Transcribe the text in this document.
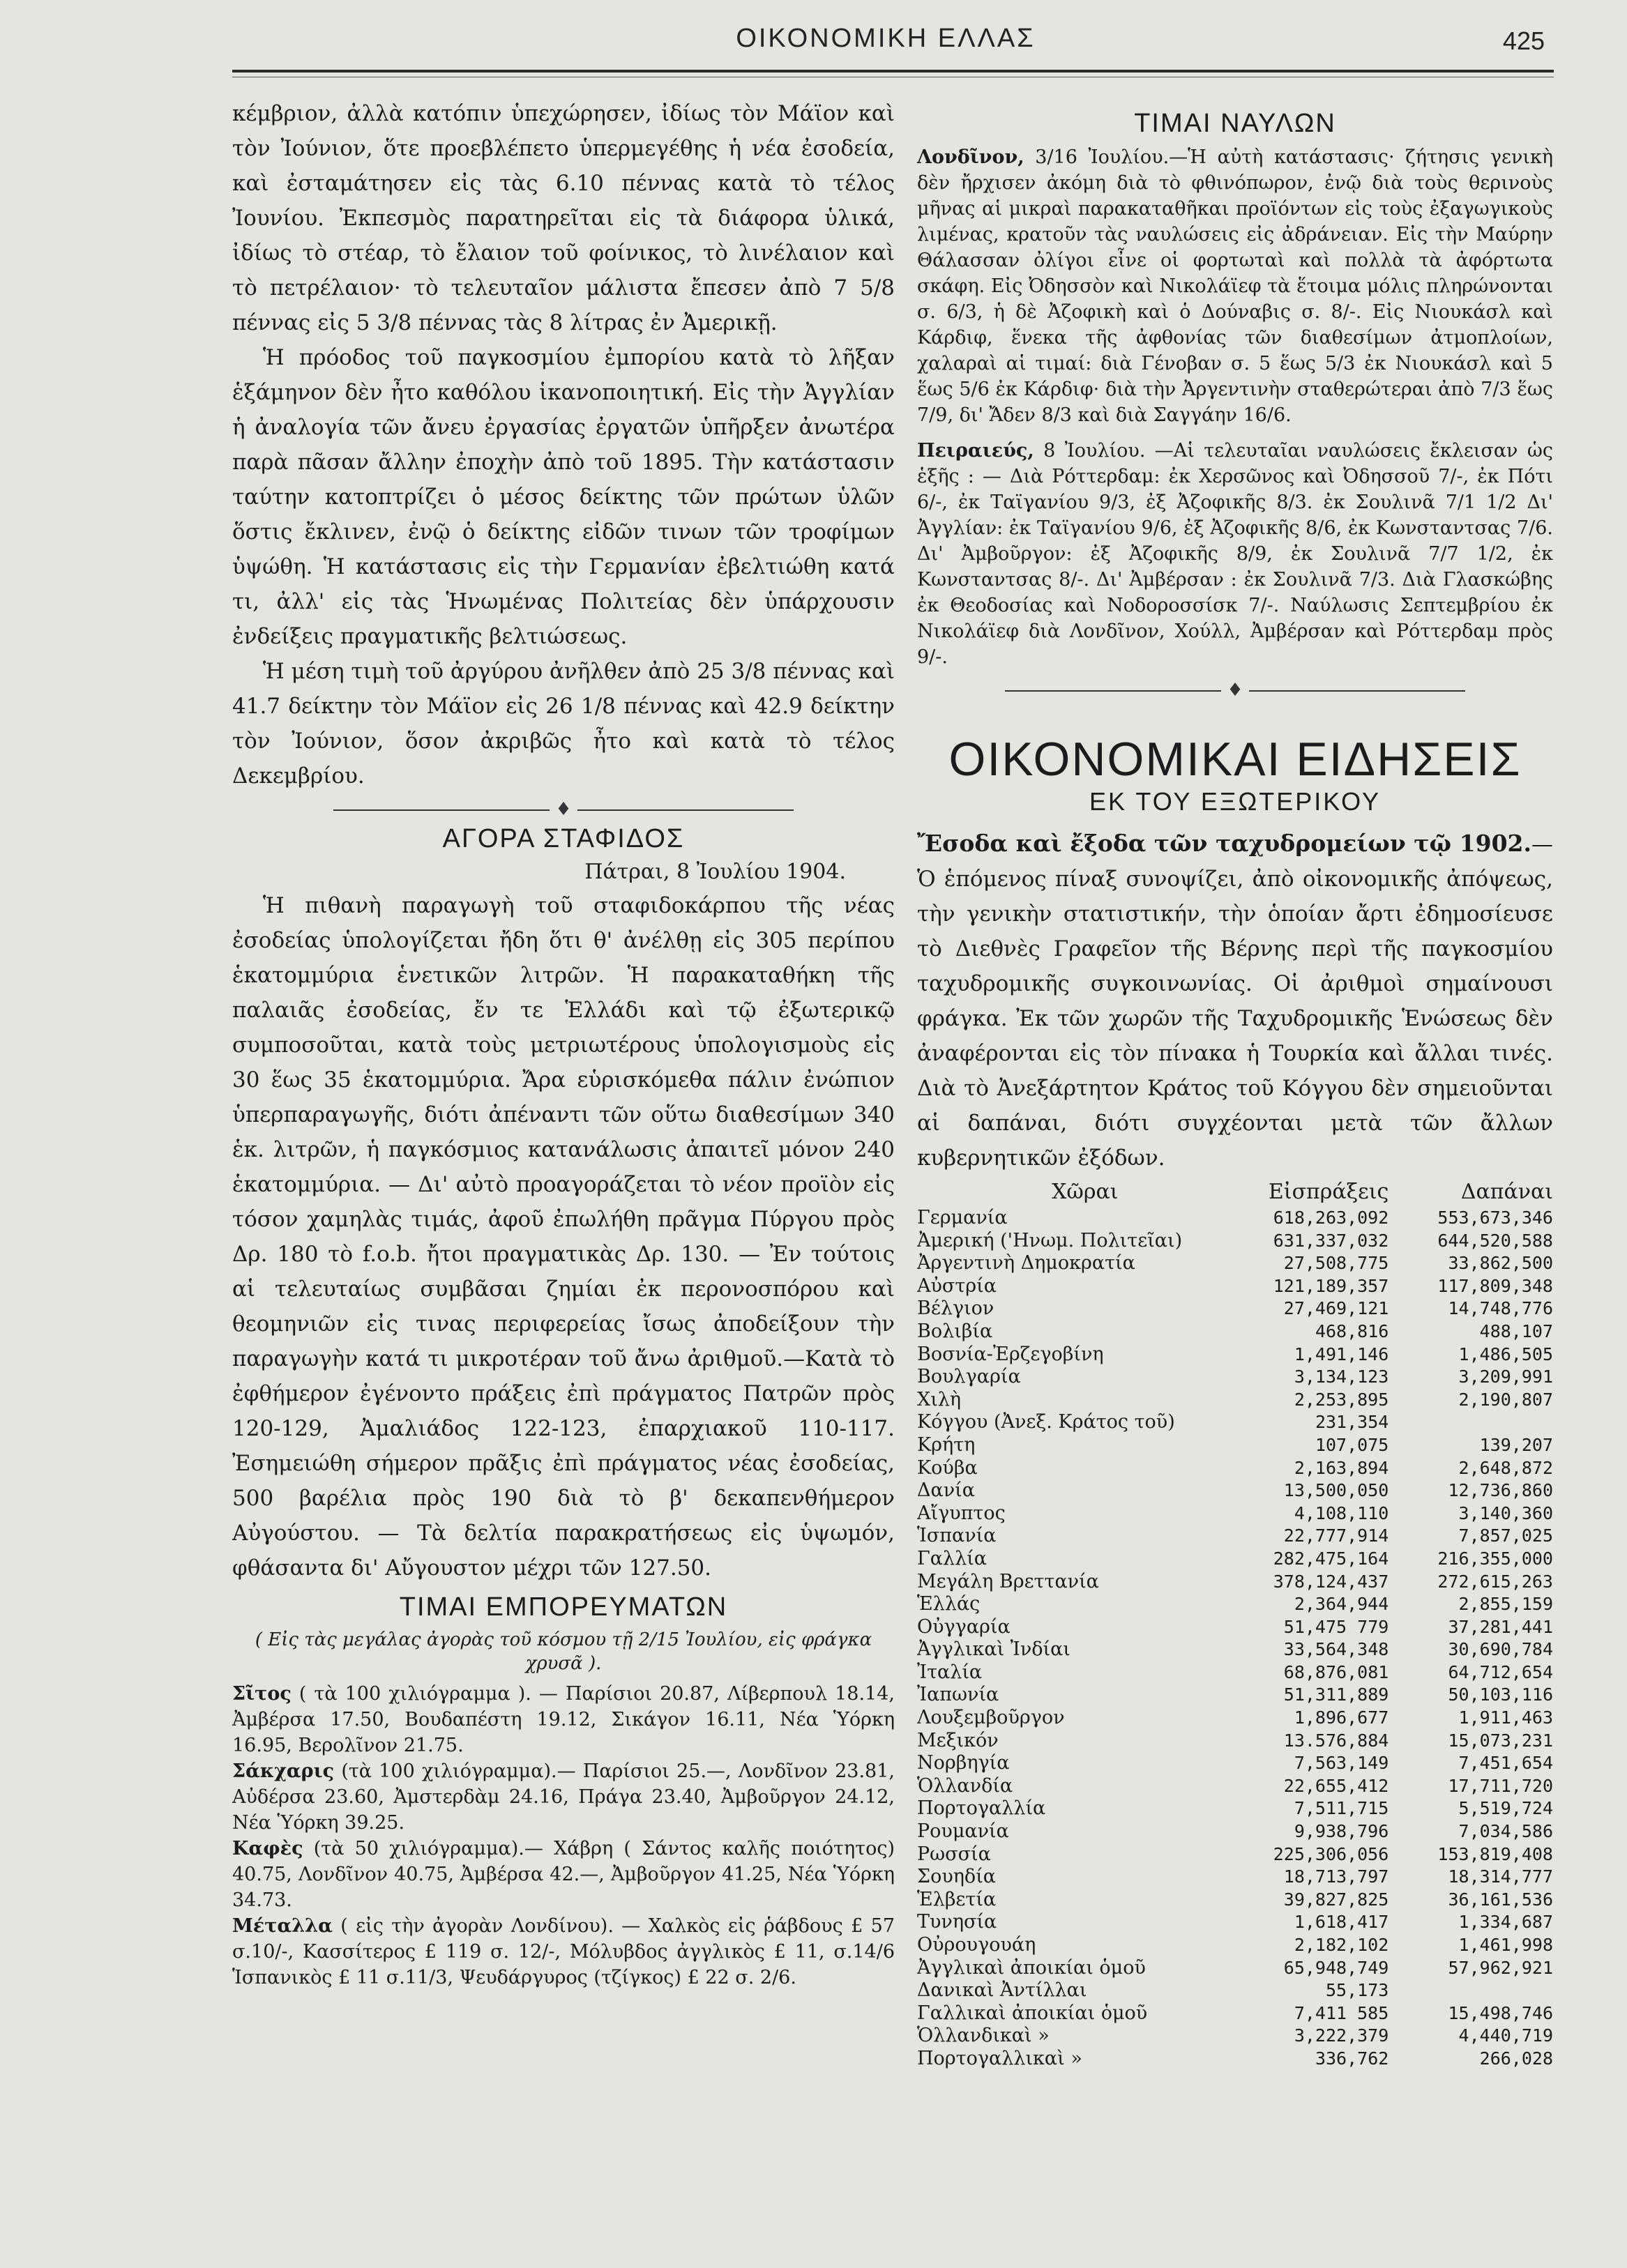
ΟΙΚΟΝΟΜΙΚΗ ΕΛΛΑΣ	425

κέμβριον, ἀλλὰ κατόπιν ὑπεχώρησεν, ἰδίως τὸν Μάϊον καὶ τὸν Ἰούνιον, ὅτε προεβλέπετο ὑπερμεγέθης ἡ νέα ἐσοδεία, καὶ ἐσταμάτησεν εἰς τὰς 6.10 πέννας κατὰ τὸ τέλος Ἰουνίου. Ἐκπεσμὸς παρατηρεῖται εἰς τὰ διάφορα ὑλικά, ἰδίως τὸ στέαρ, τὸ ἔλαιον τοῦ φοίνικος, τὸ λινέλαιον καὶ τὸ πετρέλαιον· τὸ τελευταῖον μάλιστα ἔπεσεν ἀπὸ 7 5/8 πέννας εἰς 5 3/8 πέννας τὰς 8 λίτρας ἐν Ἀμερικῇ.

Ἡ πρόοδος τοῦ παγκοσμίου ἐμπορίου κατὰ τὸ λῆξαν ἑξάμηνον δὲν ἦτο καθόλου ἱκανοποιητική. Εἰς τὴν Ἀγγλίαν ἡ ἀναλογία τῶν ἄνευ ἐργασίας ἐργατῶν ὑπῆρξεν ἀνωτέρα παρὰ πᾶσαν ἄλλην ἐποχὴν ἀπὸ τοῦ 1895. Τὴν κατάστασιν ταύτην κατοπτρίζει ὁ μέσος δείκτης τῶν πρώτων ὑλῶν ὅστις ἔκλινεν, ἐνῷ ὁ δείκτης εἰδῶν τινων τῶν τροφίμων ὑψώθη. Ἡ κατάστασις εἰς τὴν Γερμανίαν ἐβελτιώθη κατά τι, ἀλλ' εἰς τὰς Ἡνωμένας Πολιτείας δὲν ὑπάρχουσιν ἐνδείξεις πραγματικῆς βελτιώσεως.

Ἡ μέση τιμὴ τοῦ ἀργύρου ἀνῆλθεν ἀπὸ 25 3/8 πέννας καὶ 41.7 δείκτην τὸν Μάϊον εἰς 26 1/8 πέννας καὶ 42.9 δείκτην τὸν Ἰούνιον, ὅσον ἀκριβῶς ἦτο καὶ κατὰ τὸ τέλος Δεκεμβρίου.

♦
ΑΓΟΡΑ ΣΤΑΦΙΔΟΣ
Πάτραι, 8 Ἰουλίου 1904.

Ἡ πιθανὴ παραγωγὴ τοῦ σταφιδοκάρπου τῆς νέας ἐσοδείας ὑπολογίζεται ἤδη ὅτι θ' ἀνέλθῃ εἰς 305 περίπου ἑκατομμύρια ἑνετικῶν λιτρῶν. Ἡ παρακαταθήκη τῆς παλαιᾶς ἐσοδείας, ἔν τε Ἑλλάδι καὶ τῷ ἐξωτερικῷ συμποσοῦται, κατὰ τοὺς μετριωτέρους ὑπολογισμοὺς εἰς 30 ἕως 35 ἑκατομμύρια. Ἄρα εὑρισκόμεθα πάλιν ἐνώπιον ὑπερπαραγωγῆς, διότι ἀπέναντι τῶν οὕτω διαθεσίμων 340 ἑκ. λιτρῶν, ἡ παγκόσμιος κατανάλωσις ἀπαιτεῖ μόνον 240 ἑκατομμύρια. — Δι' αὐτὸ προαγοράζεται τὸ νέον προϊὸν εἰς τόσον χαμηλὰς τιμάς, ἀφοῦ ἐπωλήθη πρᾶγμα Πύργου πρὸς Δρ. 180 τὸ f.o.b. ἤτοι πραγματικὰς Δρ. 130. — Ἐν τούτοις αἱ τελευταίως συμβᾶσαι ζημίαι ἐκ περονοσπόρου καὶ θεομηνιῶν εἰς τινας περιφερείας ἴσως ἀποδείξουν τὴν παραγωγὴν κατά τι μικροτέραν τοῦ ἄνω ἀριθμοῦ.—Κατὰ τὸ ἐφθήμερον ἐγένοντο πράξεις ἐπὶ πράγματος Πατρῶν πρὸς 120-129, Ἀμαλιάδος 122-123, ἐπαρχιακοῦ 110-117. Ἐσημειώθη σήμερον πρᾶξις ἐπὶ πράγματος νέας ἐσοδείας, 500 βαρέλια πρὸς 190 διὰ τὸ β' δεκαπενθήμερον Αὐγούστου. — Τὰ δελτία παρακρατήσεως εἰς ὑψωμόν, φθάσαντα δι' Αὔγουστον μέχρι τῶν 127.50.

ΤΙΜΑΙ ΕΜΠΟΡΕΥΜΑΤΩΝ
( Εἰς τὰς μεγάλας ἀγορὰς τοῦ κόσμου τῇ 2/15 Ἰουλίου, εἰς φράγκα χρυσᾶ ).

Σῖτος ( τὰ 100 χιλιόγραμμα ). — Παρίσιοι 20.87, Λίβερπουλ 18.14, Ἀμβέρσα 17.50, Βουδαπέστη 19.12, Σικάγον 16.11, Νέα Ὑόρκη 16.95, Βερολῖνον 21.75.

Σάκχαρις (τὰ 100 χιλιόγραμμα).— Παρίσιοι 25.—, Λονδῖνον 23.81, Αὐδέρσα 23.60, Ἀμστερδὰμ 24.16, Πράγα 23.40, Ἀμβοῦργον 24.12, Νέα Ὑόρκη 39.25.

Καφὲς (τὰ 50 χιλιόγραμμα).— Χάβρη ( Σάντος καλῆς ποιότητος) 40.75, Λονδῖνον 40.75, Ἀμβέρσα 42.—, Ἀμβοῦργον 41.25, Νέα Ὑόρκη 34.73.

Μέταλλα ( εἰς τὴν ἀγορὰν Λονδίνου). — Χαλκὸς εἰς ῥάβδους £ 57 σ.10/-, Κασσίτερος £ 119 σ. 12/-, Μόλυβδος ἀγγλικὸς £ 11, σ.14/6 Ἱσπανικὸς £ 11 σ.11/3, Ψευδάργυρος (τζίγκος) £ 22 σ. 2/6.

ΤΙΜΑΙ ΝΑΥΛΩΝ

Λονδῖνον, 3/16 Ἰουλίου.—Ἡ αὐτὴ κατάστασις· ζήτησις γενικὴ δὲν ἤρχισεν ἀκόμη διὰ τὸ φθινόπωρον, ἐνῷ διὰ τοὺς θερινοὺς μῆνας αἱ μικραὶ παρακαταθῆκαι προϊόντων εἰς τοὺς ἐξαγωγικοὺς λιμένας, κρατοῦν τὰς ναυλώσεις εἰς ἀδράνειαν. Εἰς τὴν Μαύρην Θάλασσαν ὀλίγοι εἶνε οἱ φορτωταὶ καὶ πολλὰ τὰ ἀφόρτωτα σκάφη. Εἰς Ὀδησσὸν καὶ Νικολάϊεφ τὰ ἕτοιμα μόλις πληρώνονται σ. 6/3, ἡ δὲ Ἀζοφικὴ καὶ ὁ Δούναβις σ. 8/-. Εἰς Νιουκάσλ καὶ Κάρδιφ, ἕνεκα τῆς ἀφθονίας τῶν διαθεσίμων ἀτμοπλοίων, χαλαραὶ αἱ τιμαί: διὰ Γένοβαν σ. 5 ἕως 5/3 ἐκ Νιουκάσλ καὶ 5 ἕως 5/6 ἐκ Κάρδιφ· διὰ τὴν Ἀργεντινὴν σταθερώτεραι ἀπὸ 7/3 ἕως 7/9, δι' Ἄδεν 8/3 καὶ διὰ Σαγγάην 16/6.

Πειραιεύς, 8 Ἰουλίου. —Αἱ τελευταῖαι ναυλώσεις ἔκλεισαν ὡς ἑξῆς : — Διὰ Ρόττερδαμ: ἐκ Χερσῶνος καὶ Ὀδησσοῦ 7/-, ἐκ Πότι 6/-, ἐκ Ταϊγανίου 9/3, ἐξ Ἀζοφικῆς 8/3. ἐκ Σουλινᾶ 7/1 1/2 Δι' Ἀγγλίαν: ἐκ Ταϊγανίου 9/6, ἐξ Ἀζοφικῆς 8/6, ἐκ Κωνσταντσας 7/6. Δι' Ἀμβοῦργον: ἐξ Ἀζοφικῆς 8/9, ἐκ Σουλινᾶ 7/7 1/2, ἐκ Κωνσταντσας 8/-. Δι' Ἀμβέρσαν : ἐκ Σουλινᾶ 7/3. Διὰ Γλασκώβης ἐκ Θεοδοσίας καὶ Νοδοροσσίσκ 7/-. Ναύλωσις Σεπτεμβρίου ἐκ Νικολάϊεφ διὰ Λονδῖνον, Χούλλ, Ἀμβέρσαν καὶ Ρόττερδαμ πρὸς 9/-.

♦
ΟΙΚΟΝΟΜΙΚΑΙ ΕΙΔΗΣΕΙΣ
ΕΚ ΤΟΥ ΕΞΩΤΕΡΙΚΟΥ

Ἔσοδα καὶ ἔξοδα τῶν ταχυδρομείων τῷ 1902.—Ὁ ἑπόμενος πίναξ συνοψίζει, ἀπὸ οἰκονομικῆς ἀπόψεως, τὴν γενικὴν στατιστικήν, τὴν ὁποίαν ἄρτι ἐδημοσίευσε τὸ Διεθνὲς Γραφεῖον τῆς Βέρνης περὶ τῆς παγκοσμίου ταχυδρομικῆς συγκοινωνίας. Οἱ ἀριθμοὶ σημαίνουσι φράγκα. Ἐκ τῶν χωρῶν τῆς Ταχυδρομικῆς Ἑνώσεως δὲν ἀναφέρονται εἰς τὸν πίνακα ἡ Τουρκία καὶ ἄλλαι τινές. Διὰ τὸ Ἀνεξάρτητον Κράτος τοῦ Κόγγου δὲν σημειοῦνται αἱ δαπάναι, διότι συγχέονται μετὰ τῶν ἄλλων κυβερνητικῶν ἐξόδων.

Χῶραι	Εἰσπράξεις	Δαπάναι
Γερμανία	618,263,092	553,673,346
Ἀμερική ('Ηνωμ. Πολιτεῖαι)	631,337,032	644,520,588
Ἀργεντινὴ Δημοκρατία	27,508,775	33,862,500
Αὐστρία	121,189,357	117,809,348
Βέλγιον	27,469,121	14,748,776
Βολιβία	468,816	488,107
Βοσνία-Ἐρζεγοβίνη	1,491,146	1,486,505
Βουλγαρία	3,134,123	3,209,991
Χιλὴ	2,253,895	2,190,807
Κόγγου (Ἀνεξ. Κράτος τοῦ)	231,354	
Κρήτη	107,075	139,207
Κούβα	2,163,894	2,648,872
Δανία	13,500,050	12,736,860
Αἴγυπτος	4,108,110	3,140,360
Ἱσπανία	22,777,914	7,857,025
Γαλλία	282,475,164	216,355,000
Μεγάλη Βρεττανία	378,124,437	272,615,263
Ἑλλάς	2,364,944	2,855,159
Οὐγγαρία	51,475 779	37,281,441
Ἀγγλικαὶ Ἰνδίαι	33,564,348	30,690,784
Ἰταλία	68,876,081	64,712,654
Ἰαπωνία	51,311,889	50,103,116
Λουξεμβοῦργον	1,896,677	1,911,463
Μεξικόν	13.576,884	15,073,231
Νορβηγία	7,563,149	7,451,654
Ὁλλανδία	22,655,412	17,711,720
Πορτογαλλία	7,511,715	5,519,724
Ρουμανία	9,938,796	7,034,586
Ρωσσία	225,306,056	153,819,408
Σουηδία	18,713,797	18,314,777
Ἑλβετία	39,827,825	36,161,536
Τυνησία	1,618,417	1,334,687
Οὐρουγουάη	2,182,102	1,461,998
Ἀγγλικαὶ ἀποικίαι ὁμοῦ	65,948,749	57,962,921
Δανικαὶ Ἀντίλλαι	55,173	
Γαλλικαὶ ἀποικίαι ὁμοῦ	7,411 585	15,498,746
Ὁλλανδικαὶ »	3,222,379	4,440,719
Πορτογαλλικαὶ »	336,762	266,028
